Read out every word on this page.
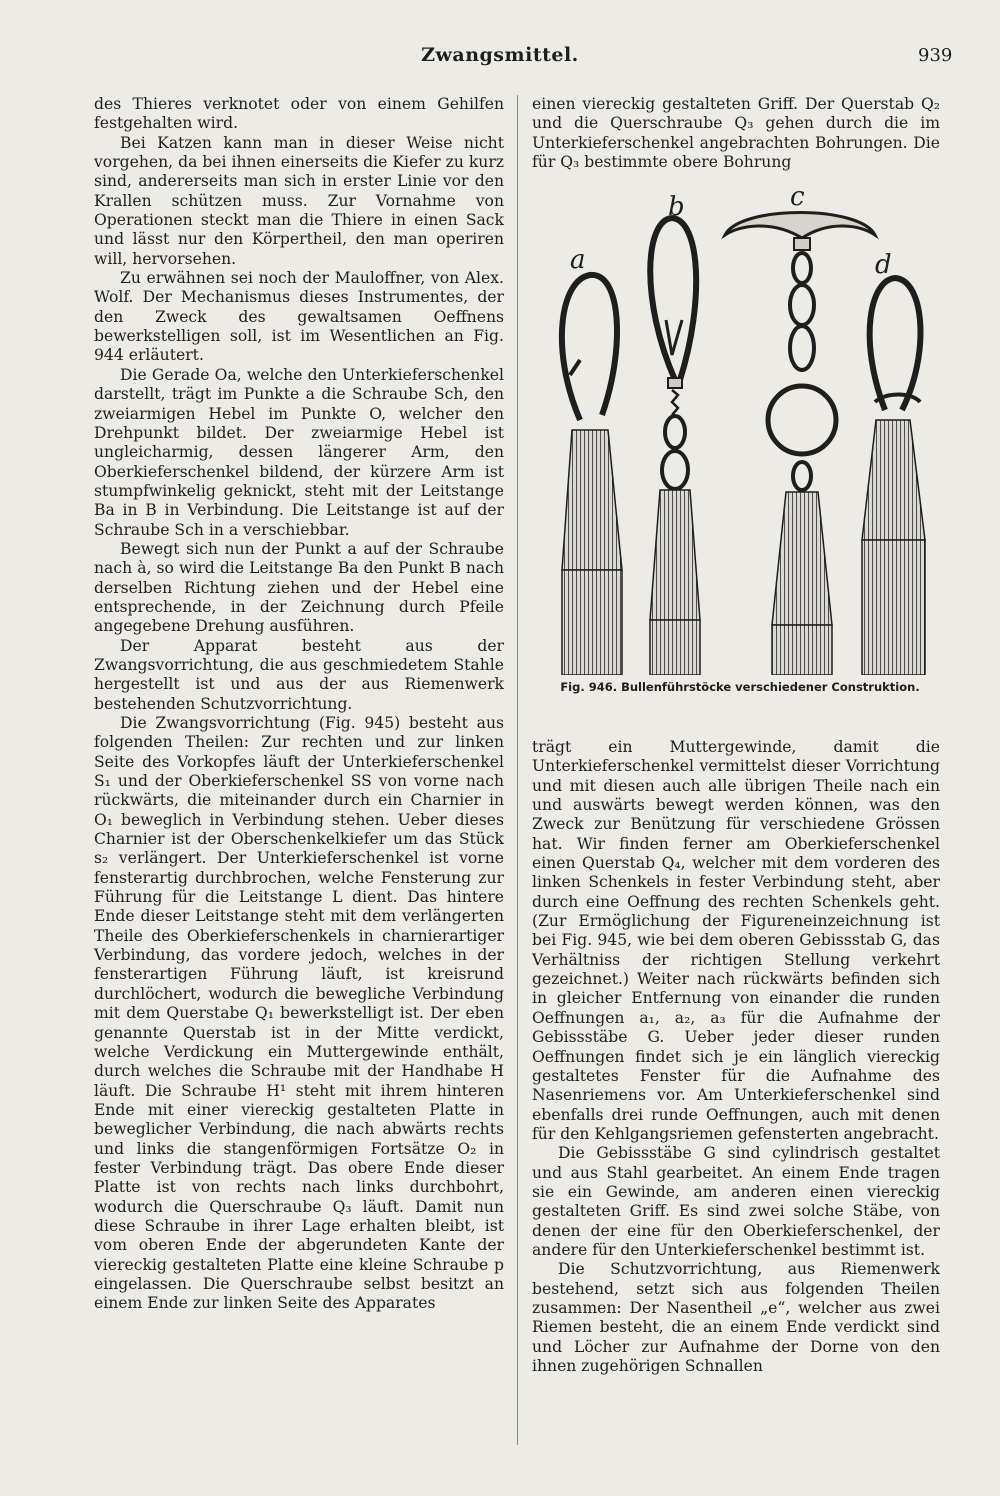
Zwangsmittel.	939

des Thieres verknotet oder von einem Gehilfen festgehalten wird.

Bei Katzen kann man in dieser Weise nicht vorgehen, da bei ihnen einerseits die Kiefer zu kurz sind, andererseits man sich in erster Linie vor den Krallen schützen muss. Zur Vornahme von Operationen steckt man die Thiere in einen Sack und lässt nur den Körpertheil, den man operiren will, hervorsehen.

Zu erwähnen sei noch der Mauloffner, von Alex. Wolf. Der Mechanismus dieses Instrumentes, der den Zweck des gewaltsamen Oeffnens bewerkstelligen soll, ist im Wesentlichen an Fig. 944 erläutert.

Die Gerade Oa, welche den Unterkieferschenkel darstellt, trägt im Punkte a die Schraube Sch, den zweiarmigen Hebel im Punkte O, welcher den Drehpunkt bildet. Der zweiarmige Hebel ist ungleicharmig, dessen längerer Arm, den Oberkieferschenkel bildend, der kürzere Arm ist stumpfwinkelig geknickt, steht mit der Leitstange Ba in B in Verbindung. Die Leitstange ist auf der Schraube Sch in a verschiebbar.

Bewegt sich nun der Punkt a auf der Schraube nach à, so wird die Leitstange Ba den Punkt B nach derselben Richtung ziehen und der Hebel eine entsprechende, in der Zeichnung durch Pfeile angegebene Drehung ausführen.

Der Apparat besteht aus der Zwangsvorrichtung, die aus geschmiedetem Stahle hergestellt ist und aus der aus Riemenwerk bestehenden Schutzvorrichtung.

Die Zwangsvorrichtung (Fig. 945) besteht aus folgenden Theilen: Zur rechten und zur linken Seite des Vorkopfes läuft der Unterkieferschenkel S₁ und der Oberkieferschenkel SS von vorne nach rückwärts, die miteinander durch ein Charnier in O₁ beweglich in Verbindung stehen. Ueber dieses Charnier ist der Oberschenkelkiefer um das Stück s₂ verlängert. Der Unterkieferschenkel ist vorne fensterartig durchbrochen, welche Fensterung zur Führung für die Leitstange L dient. Das hintere Ende dieser Leitstange steht mit dem verlängerten Theile des Oberkieferschenkels in charnierartiger Verbindung, das vordere jedoch, welches in der fensterartigen Führung läuft, ist kreisrund durchlöchert, wodurch die bewegliche Verbindung mit dem Querstabe Q₁ bewerkstelligt ist. Der eben genannte Querstab ist in der Mitte verdickt, welche Verdickung ein Muttergewinde enthält, durch welches die Schraube mit der Handhabe H läuft. Die Schraube H¹ steht mit ihrem hinteren Ende mit einer viereckig gestalteten Platte in beweglicher Verbindung, die nach abwärts rechts und links die stangenförmigen Fortsätze O₂ in fester Verbindung trägt. Das obere Ende dieser Platte ist von rechts nach links durchbohrt, wodurch die Querschraube Q₃ läuft. Damit nun diese Schraube in ihrer Lage erhalten bleibt, ist vom oberen Ende der abgerundeten Kante der viereckig gestalteten Platte eine kleine Schraube p eingelassen. Die Querschraube selbst besitzt an einem Ende zur linken Seite des Apparates

einen viereckig gestalteten Griff. Der Querstab Q₂ und die Querschraube Q₃ gehen durch die im Unterkieferschenkel angebrachten Bohrungen. Die für Q₃ bestimmte obere Bohrung

a
b	c
d
Fig. 946. Bullenführstöcke verschiedener Construktion.

trägt ein Muttergewinde, damit die Unterkieferschenkel vermittelst dieser Vorrichtung und mit diesen auch alle übrigen Theile nach ein und auswärts bewegt werden können, was den Zweck zur Benützung für verschiedene Grössen hat. Wir finden ferner am Oberkieferschenkel einen Querstab Q₄, welcher mit dem vorderen des linken Schenkels in fester Verbindung steht, aber durch eine Oeffnung des rechten Schenkels geht. (Zur Ermöglichung der Figureneinzeichnung ist bei Fig. 945, wie bei dem oberen Gebissstab G, das Verhältniss der richtigen Stellung verkehrt gezeichnet.) Weiter nach rückwärts befinden sich in gleicher Entfernung von einander die runden Oeffnungen a₁, a₂, a₃ für die Aufnahme der Gebissstäbe G. Ueber jeder dieser runden Oeffnungen findet sich je ein länglich viereckig gestaltetes Fenster für die Aufnahme des Nasenriemens vor. Am Unterkieferschenkel sind ebenfalls drei runde Oeffnungen, auch mit denen für den Kehlgangsriemen gefensterten angebracht.

Die Gebissstäbe G sind cylindrisch gestaltet und aus Stahl gearbeitet. An einem Ende tragen sie ein Gewinde, am anderen einen viereckig gestalteten Griff. Es sind zwei solche Stäbe, von denen der eine für den Oberkieferschenkel, der andere für den Unterkieferschenkel bestimmt ist.

Die Schutzvorrichtung, aus Riemenwerk bestehend, setzt sich aus folgenden Theilen zusammen: Der Nasentheil „e“, welcher aus zwei Riemen besteht, die an einem Ende verdickt sind und Löcher zur Aufnahme der Dorne von den ihnen zugehörigen Schnallen
